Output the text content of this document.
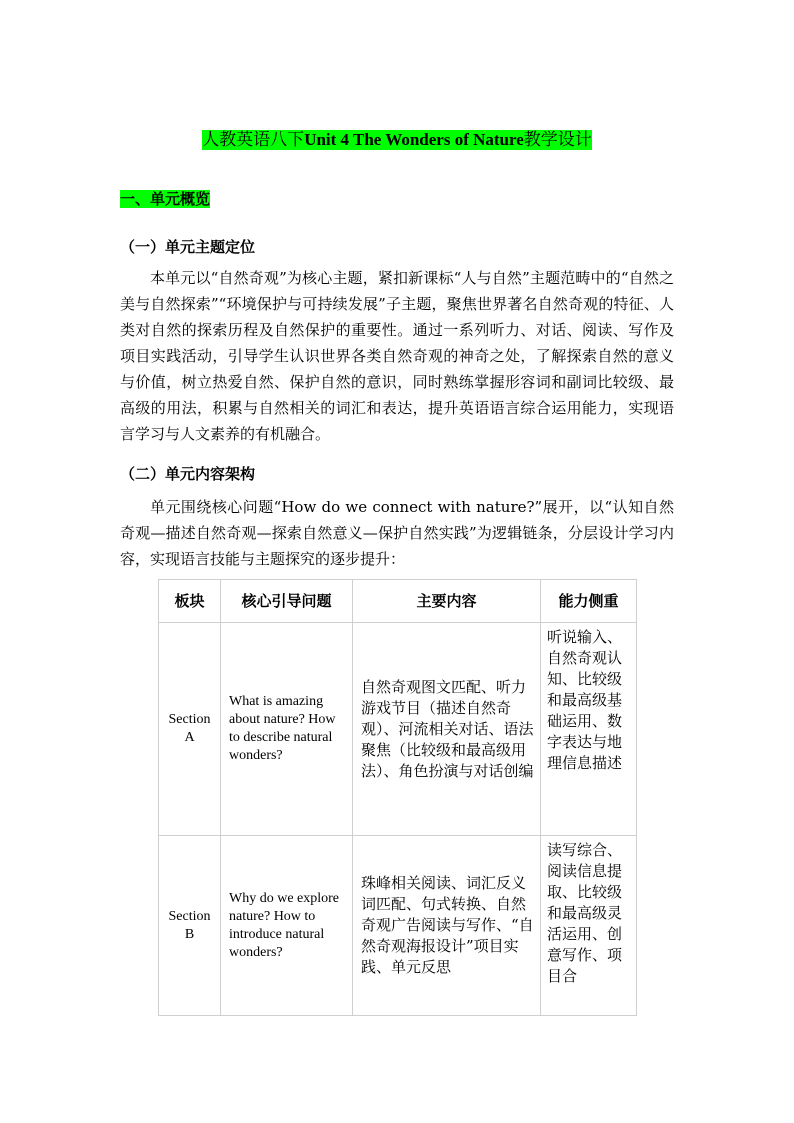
人教英语八下Unit 4 The Wonders of Nature教学设计
一、单元概览
（一）单元主题定位

本单元以“自然奇观”为核心主题，紧扣新课标“人与自然”主题范畴中的“自然之美与自然探索”“环境保护与可持续发展”子主题，聚焦世界著名自然奇观的特征、人类对自然的探索历程及自然保护的重要性。通过一系列听力、对话、阅读、写作及项目实践活动，引导学生认识世界各类自然奇观的神奇之处，了解探索自然的意义与价值，树立热爱自然、保护自然的意识，同时熟练掌握形容词和副词比较级、最高级的用法，积累与自然相关的词汇和表达，提升英语语言综合运用能力，实现语言学习与人文素养的有机融合。

（二）单元内容架构

单元围绕核心问题“How do we connect with nature?”展开，以“认知自然奇观—描述自然奇观—探索自然意义—保护自然实践”为逻辑链条，分层设计学习内容，实现语言技能与主题探究的逐步提升：

板块	核心引导问题	主要内容	能力侧重
Section A	What is amazing about nature? How to describe natural wonders?	自然奇观图文匹配、听力游戏节目（描述自然奇观）、河流相关对话、语法聚焦（比较级和最高级用法）、角色扮演与对话创编	听说输入、自然奇观认知、比较级和最高级基础运用、数字表达与地理信息描述
Section B	Why do we explore nature? How to introduce natural wonders?	珠峰相关阅读、词汇反义词匹配、句式转换、自然奇观广告阅读与写作、“自然奇观海报设计”项目实践、单元反思	读写综合、阅读信息提取、比较级和最高级灵活运用、创意写作、项目合
